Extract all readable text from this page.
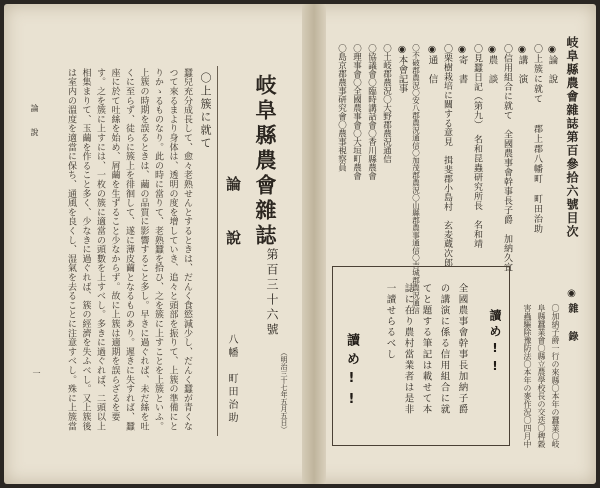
岐阜縣農會雜誌
第百三十六號
（明治三十七年五月五日）
論　說
八幡　町田治助
〇上簇に就て
蠶兒充分成長して、愈々老熟せんとするときは、だんく食慾減少し、だんく蠶が青くなつて來るまより身体は、透明の度を增していき、追々と頭部を振りて、上簇の準備にとりかゝるものなり。此の時に當りて、老熟蠶を拾ひ、之を簇に上すことを上簇といふ。上簇の時期を誤るときは、繭の品質に影響すること多し。早きに過ぐれば、未だ絲を吐くに至らず、徒らに簇上を徘徊して、遂に薄皮繭となるものあり。遲きに失すれば、蠶座に於て吐絲を始め、屑繭を生ずること少なからず。故に上簇は適期を誤らざるを要す。之を簇に上すには、一枚の簇に適當の頭數を上すべし。多きに過ぐれば、二頭以上相集まりて、玉繭を作ること多く、少なきに過ぐれば、簇の經濟を失ふべし。又上簇後は室内の溫度を適當に保ち、通風を良くし、湿氣を去ることに注意すべし。殊に上簇當
論　說
一
岐阜縣農會雜誌第百參拾六號目次
◉論　說
〇上簇に就て　　郡上郡八幡町　町田治助
◉講　演
〇信用組合に就て　全國農事會幹事長子爵　加納久宜
◉農　談
〇見蠶日記（第九）　名和昆蟲研究所長　名和靖
◉寄　書
〇栗樹栽培に關する意見　揖斐郡小島村　玄麦蔵次郎
◉通　信
〇不破郡農況〇安八郡農況通信〇加茂郡農況〇山縣郡農事通信〇吉城郡農況通信
◉本會記事
〇土岐郡農況〇大野郡農況通信
〇協議會〇臨時講話會〇香川縣農會
〇理事會〇全國農事會〇大垣町農會
〇島京郡農事研究會〇農事視察員
◉雜　錄
〇加納子爵一行の來縣〇本年の蠶業〇岐阜縣蠶業會〇縣立農學校長の交迭〇稗穀害蟲驅除豫防法〇本年の麥作況〇四月中
讀め!!
讀め!!	全國農事會幹事長加納子爵
の講演に係る信用組合に就
てと題する筆記は載せて本
誌に在り農村當業者は是非
一讀せらるべし
